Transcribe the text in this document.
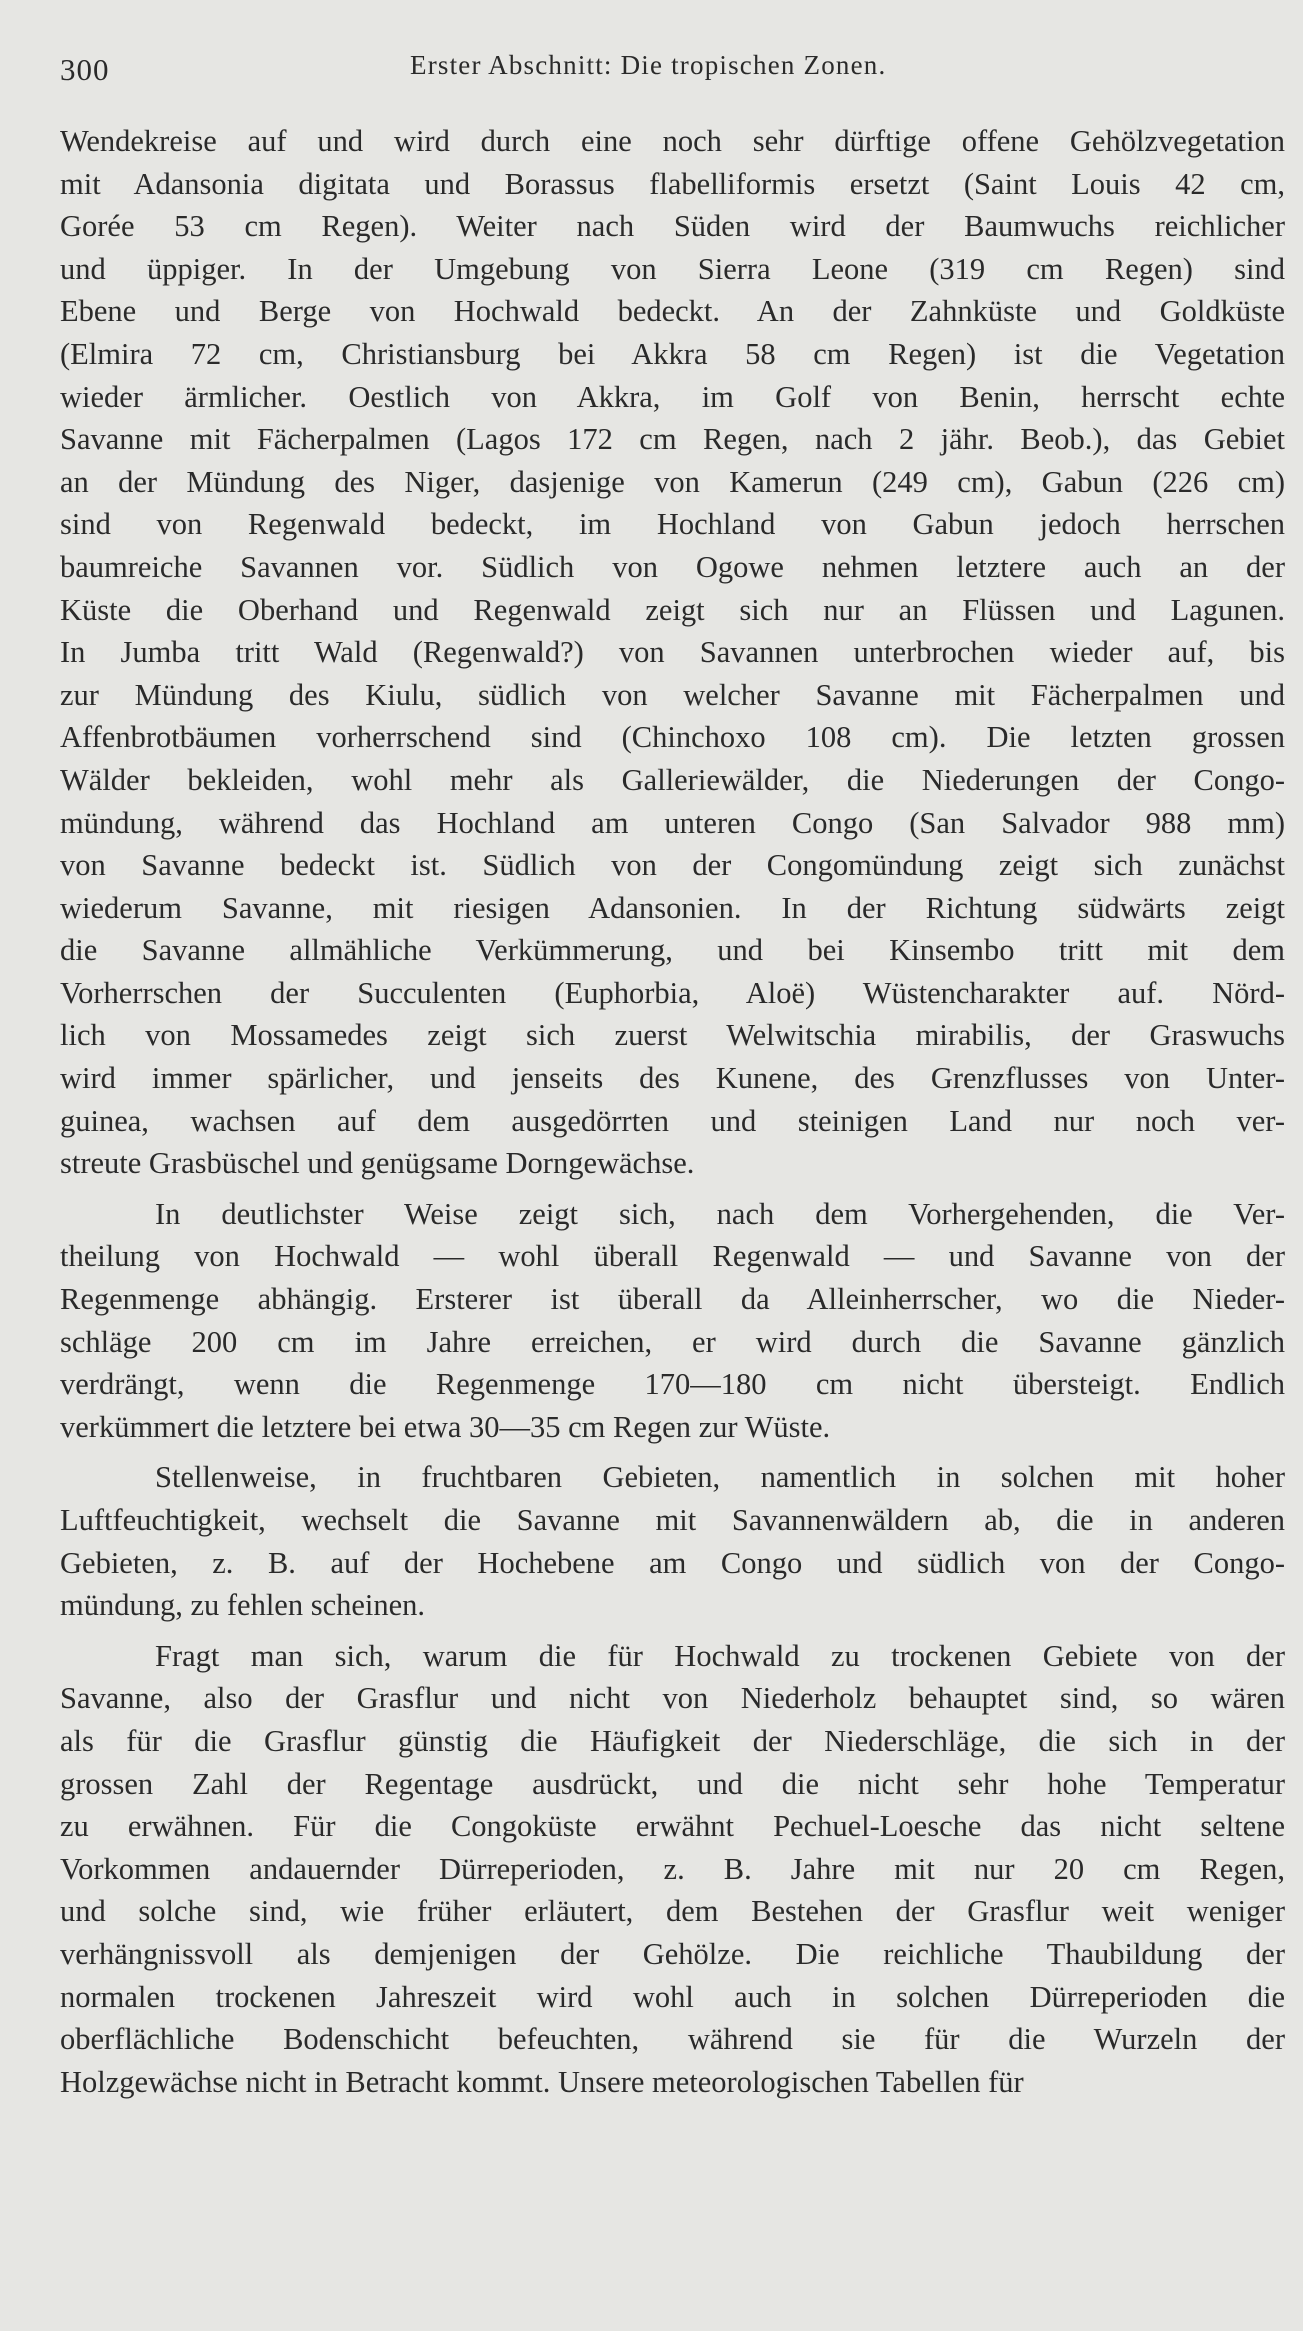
300	Erster Abschnitt: Die tropischen Zonen.
Wendekreise auf und wird durch eine noch sehr dürftige offene Gehölzvegetation
mit Adansonia digitata und Borassus flabelliformis ersetzt (Saint Louis 42 cm,
Gorée 53 cm Regen). Weiter nach Süden wird der Baumwuchs reichlicher
und üppiger. In der Umgebung von Sierra Leone (319 cm Regen) sind
Ebene und Berge von Hochwald bedeckt. An der Zahnküste und Goldküste
(Elmira 72 cm, Christiansburg bei Akkra 58 cm Regen) ist die Vegetation
wieder ärmlicher. Oestlich von Akkra, im Golf von Benin, herrscht echte
Savanne mit Fächerpalmen (Lagos 172 cm Regen, nach 2 jähr. Beob.), das Gebiet
an der Mündung des Niger, dasjenige von Kamerun (249 cm), Gabun (226 cm)
sind von Regenwald bedeckt, im Hochland von Gabun jedoch herrschen
baumreiche Savannen vor. Südlich von Ogowe nehmen letztere auch an der
Küste die Oberhand und Regenwald zeigt sich nur an Flüssen und Lagunen.
In Jumba tritt Wald (Regenwald?) von Savannen unterbrochen wieder auf, bis
zur Mündung des Kiulu, südlich von welcher Savanne mit Fächerpalmen und
Affenbrotbäumen vorherrschend sind (Chinchoxo 108 cm). Die letzten grossen
Wälder bekleiden, wohl mehr als Galleriewälder, die Niederungen der Congo-
mündung, während das Hochland am unteren Congo (San Salvador 988 mm)
von Savanne bedeckt ist. Südlich von der Congomündung zeigt sich zunächst
wiederum Savanne, mit riesigen Adansonien. In der Richtung südwärts zeigt
die Savanne allmähliche Verkümmerung, und bei Kinsembo tritt mit dem
Vorherrschen der Succulenten (Euphorbia, Aloë) Wüstencharakter auf. Nörd-
lich von Mossamedes zeigt sich zuerst Welwitschia mirabilis, der Graswuchs
wird immer spärlicher, und jenseits des Kunene, des Grenzflusses von Unter-
guinea, wachsen auf dem ausgedörrten und steinigen Land nur noch ver-
streute Grasbüschel und genügsame Dorngewächse.
In deutlichster Weise zeigt sich, nach dem Vorhergehenden, die Ver-
theilung von Hochwald — wohl überall Regenwald — und Savanne von der
Regenmenge abhängig. Ersterer ist überall da Alleinherrscher, wo die Nieder-
schläge 200 cm im Jahre erreichen, er wird durch die Savanne gänzlich
verdrängt, wenn die Regenmenge 170—180 cm nicht übersteigt. Endlich
verkümmert die letztere bei etwa 30—35 cm Regen zur Wüste.
Stellenweise, in fruchtbaren Gebieten, namentlich in solchen mit hoher
Luftfeuchtigkeit, wechselt die Savanne mit Savannenwäldern ab, die in anderen
Gebieten, z. B. auf der Hochebene am Congo und südlich von der Congo-
mündung, zu fehlen scheinen.
Fragt man sich, warum die für Hochwald zu trockenen Gebiete von der
Savanne, also der Grasflur und nicht von Niederholz behauptet sind, so wären
als für die Grasflur günstig die Häufigkeit der Niederschläge, die sich in der
grossen Zahl der Regentage ausdrückt, und die nicht sehr hohe Temperatur
zu erwähnen. Für die Congoküste erwähnt Pechuel-Loesche das nicht seltene
Vorkommen andauernder Dürreperioden, z. B. Jahre mit nur 20 cm Regen,
und solche sind, wie früher erläutert, dem Bestehen der Grasflur weit weniger
verhängnissvoll als demjenigen der Gehölze. Die reichliche Thaubildung der
normalen trockenen Jahreszeit wird wohl auch in solchen Dürreperioden die
oberflächliche Bodenschicht befeuchten, während sie für die Wurzeln der
Holzgewächse nicht in Betracht kommt. Unsere meteorologischen Tabellen für
